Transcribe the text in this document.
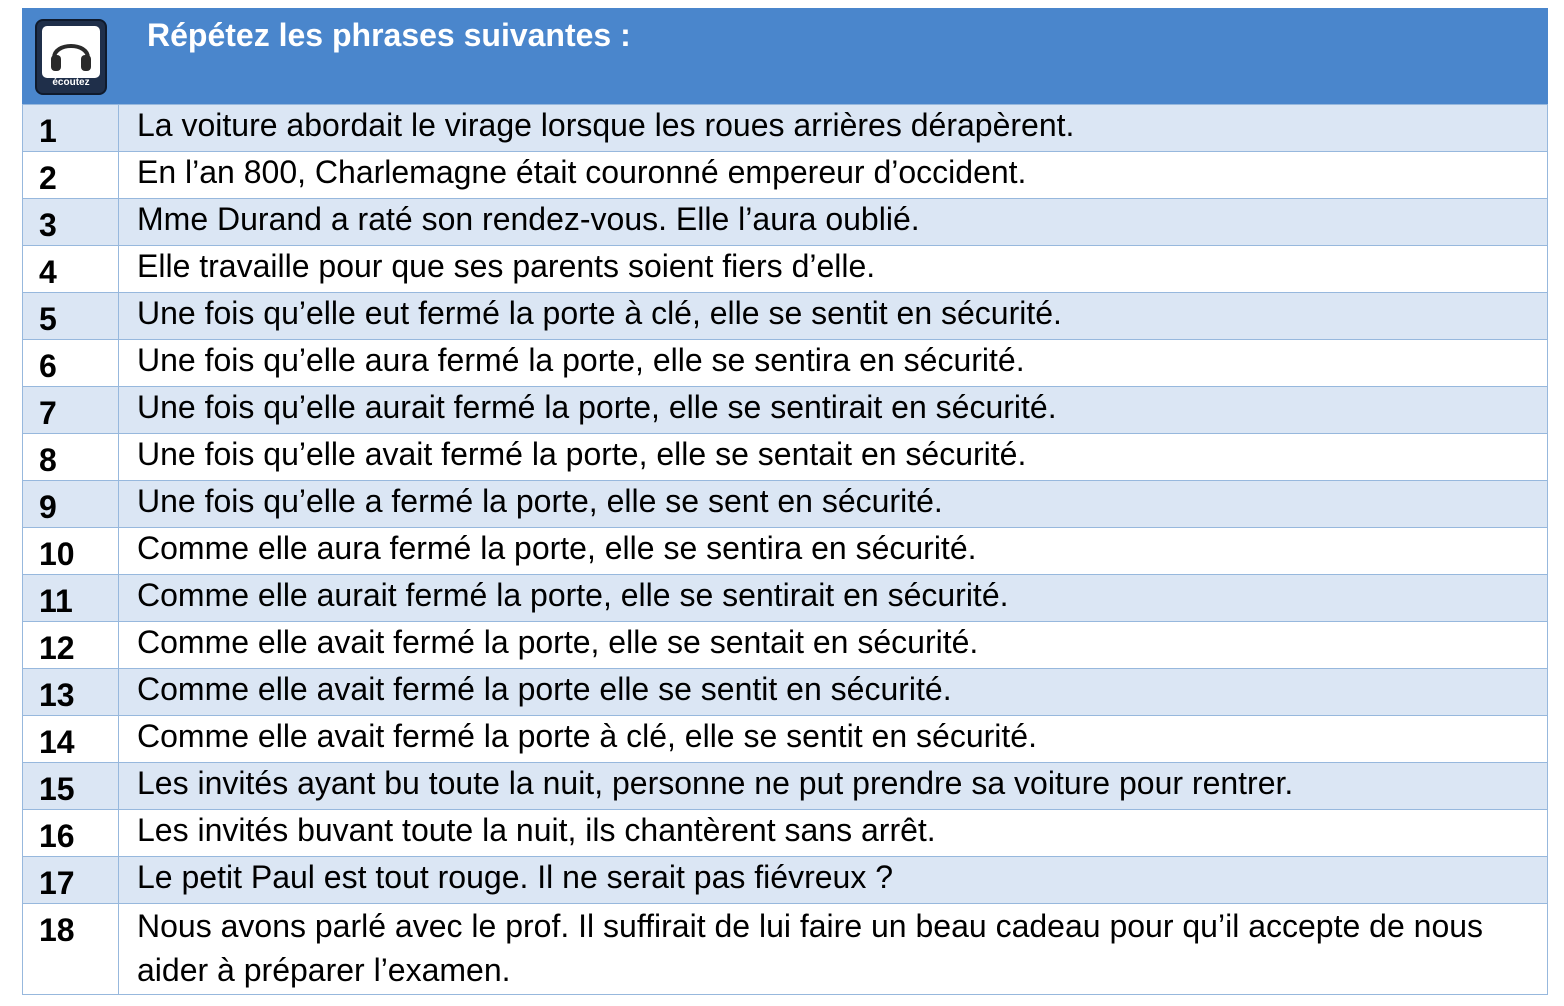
écoutez
Répétez les phrases suivantes :
1	La voiture abordait le virage lorsque les roues arrières dérapèrent.
2	En l’an 800, Charlemagne était couronné empereur d’occident.
3	Mme Durand a raté son rendez-vous. Elle l’aura oublié.
4	Elle travaille pour que ses parents soient fiers d’elle.
5	Une fois qu’elle eut fermé la porte à clé, elle se sentit en sécurité.
6	Une fois qu’elle aura fermé la porte, elle se sentira en sécurité.
7	Une fois qu’elle aurait fermé la porte, elle se sentirait en sécurité.
8	Une fois qu’elle avait fermé la porte, elle se sentait en sécurité.
9	Une fois qu’elle a fermé la porte, elle se sent en sécurité.
10	Comme elle aura fermé la porte, elle se sentira en sécurité.
11	Comme elle aurait fermé la porte, elle se sentirait en sécurité.
12	Comme elle avait fermé la porte, elle se sentait en sécurité.
13	Comme elle avait fermé la porte elle se sentit en sécurité.
14	Comme elle avait fermé la porte à clé, elle se sentit en sécurité.
15	Les invités ayant bu toute la nuit, personne ne put prendre sa voiture pour rentrer.
16	Les invités buvant toute la nuit, ils chantèrent sans arrêt.
17	Le petit Paul est tout rouge. Il ne serait pas fiévreux ?
18	Nous avons parlé avec le prof. Il suffirait de lui faire un beau cadeau pour qu’il accepte de nous aider à préparer l’examen.
